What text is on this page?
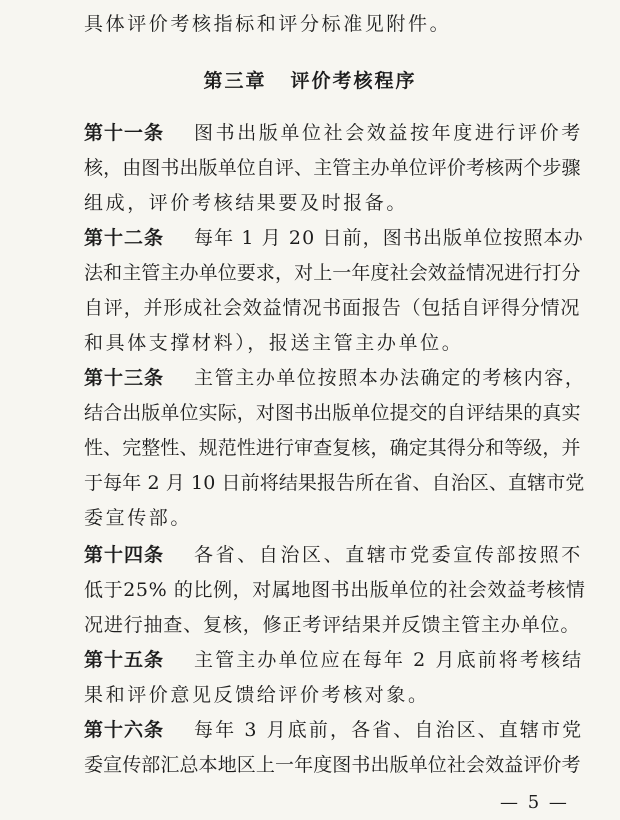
具体评价考核指标和评分标准见附件。
第三章 评价考核程序
第十一条 图书出版单位社会效益按年度进行评价考
核，由图书出版单位自评、主管主办单位评价考核两个步骤
组成，评价考核结果要及时报备。
第十二条 每年 1 月 20 日前，图书出版单位按照本办
法和主管主办单位要求，对上一年度社会效益情况进行打分
自评，并形成社会效益情况书面报告（包括自评得分情况
和具体支撑材料），报送主管主办单位。
第十三条 主管主办单位按照本办法确定的考核内容，
结合出版单位实际，对图书出版单位提交的自评结果的真实
性、完整性、规范性进行审查复核，确定其得分和等级，并
于每年 2 月 10 日前将结果报告所在省、自治区、直辖市党
委宣传部。
第十四条 各省、自治区、直辖市党委宣传部按照不
低于25% 的比例，对属地图书出版单位的社会效益考核情
况进行抽查、复核，修正考评结果并反馈主管主办单位。
第十五条 主管主办单位应在每年 2 月底前将考核结
果和评价意见反馈给评价考核对象。
第十六条 每年 3 月底前，各省、自治区、直辖市党
委宣传部汇总本地区上一年度图书出版单位社会效益评价考
— 5 —
